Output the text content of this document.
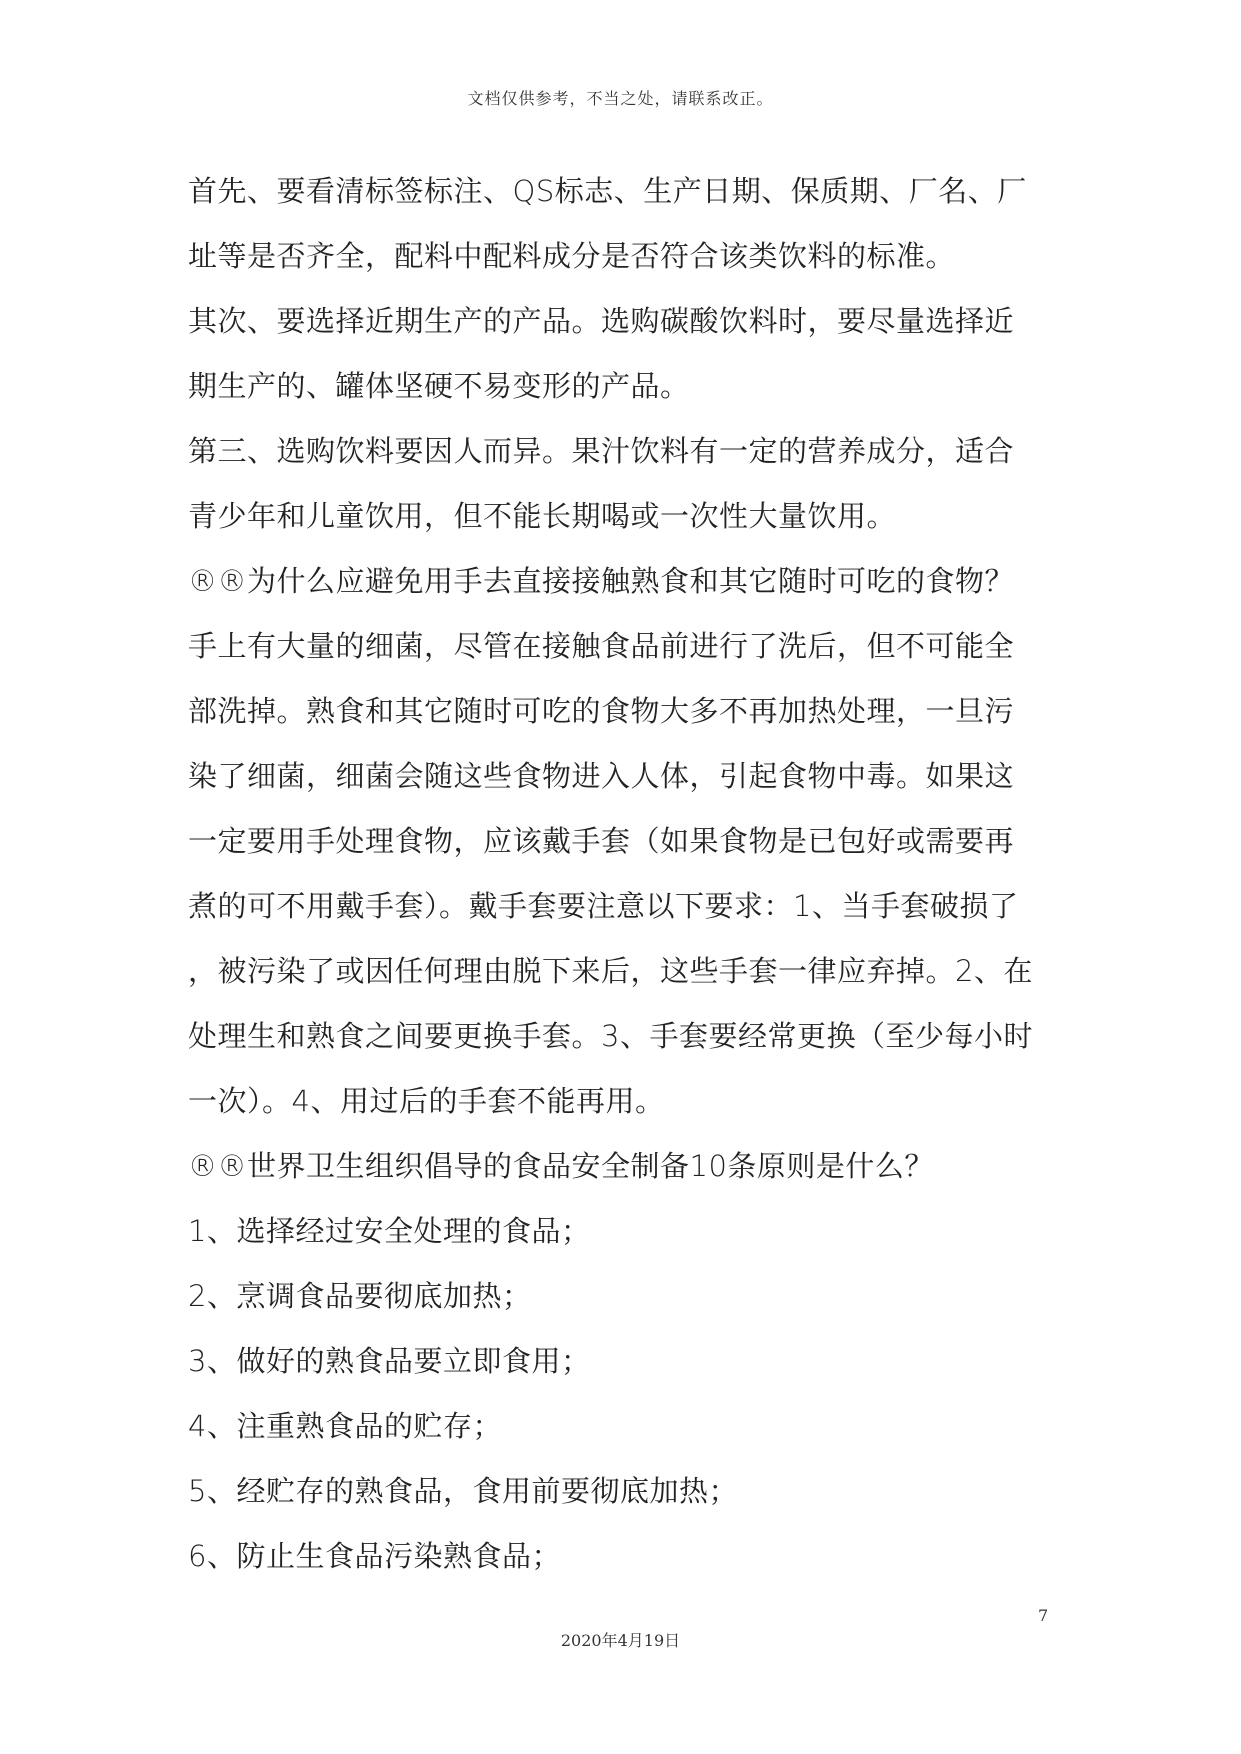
文档仅供参考，不当之处，请联系改正。
首先、要看清标签标注、QS标志、生产日期、保质期、厂名、厂
址等是否齐全，配料中配料成分是否符合该类饮料的标准。
其次、要选择近期生产的产品。选购碳酸饮料时，要尽量选择近
期生产的、罐体坚硬不易变形的产品。
第三、选购饮料要因人而异。果汁饮料有一定的营养成分，适合
青少年和儿童饮用，但不能长期喝或一次性大量饮用。
®®为什么应避免用手去直接接触熟食和其它随时可吃的食物？
手上有大量的细菌，尽管在接触食品前进行了洗后，但不可能全
部洗掉。熟食和其它随时可吃的食物大多不再加热处理，一旦污
染了细菌，细菌会随这些食物进入人体，引起食物中毒。如果这
一定要用手处理食物，应该戴手套（如果食物是已包好或需要再
煮的可不用戴手套）。戴手套要注意以下要求：1、当手套破损了
，被污染了或因任何理由脱下来后，这些手套一律应弃掉。2、在
处理生和熟食之间要更换手套。3、手套要经常更换（至少每小时
一次）。4、用过后的手套不能再用。
®®世界卫生组织倡导的食品安全制备10条原则是什么？
1、选择经过安全处理的食品；
2、烹调食品要彻底加热；
3、做好的熟食品要立即食用；
4、注重熟食品的贮存；
5、经贮存的熟食品，食用前要彻底加热；
6、防止生食品污染熟食品；
7
2020年4月19日
